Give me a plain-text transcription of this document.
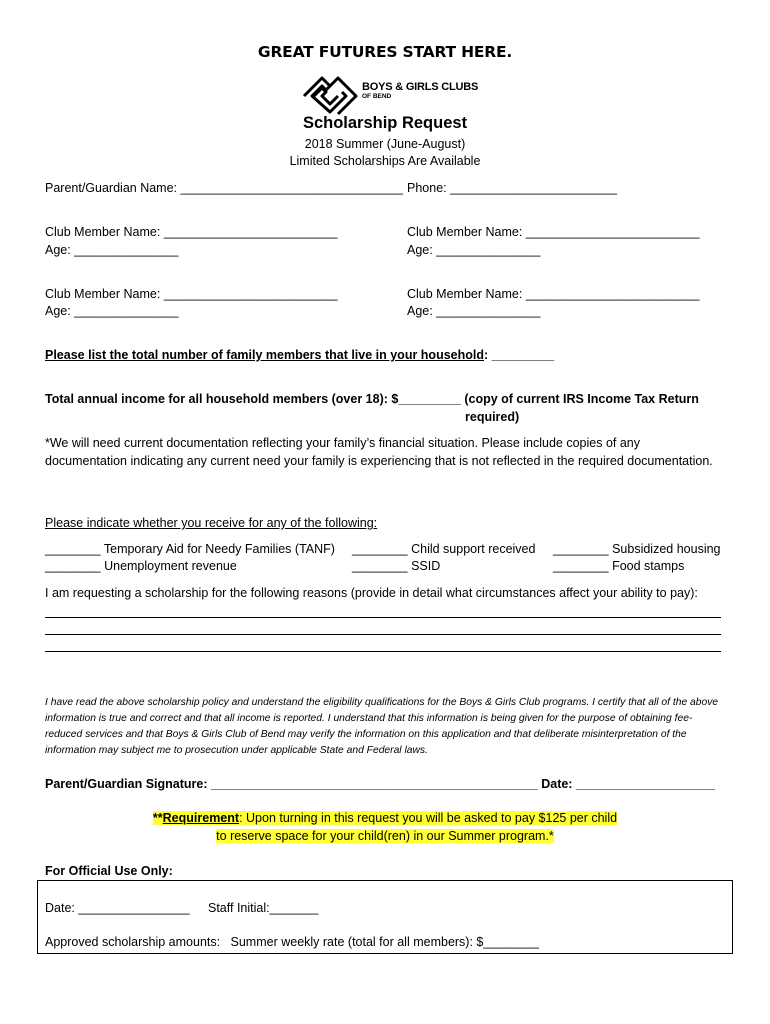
GREAT FUTURES START HERE.
BOYS & GIRLS CLUBS
OF BEND
Scholarship Request
2018 Summer (June-August)
Limited Scholarships Are Available
Parent/Guardian Name: ________________________________ Phone: ________________________
Club Member Name: _________________________
Age: _______________
Club Member Name: _________________________
Age: _______________
Club Member Name: _________________________
Age: _______________
Club Member Name: _________________________
Age: _______________
Please list the total number of family members that live in your household: _________
Total annual income for all household members (over 18): $_________ (copy of current IRS Income Tax Return
required)
*We will need current documentation reflecting your family’s financial situation. Please include copies of any documentation indicating any current need your family is experiencing that is not reflected in the required documentation.
Please indicate whether you receive for any of the following:
________ Temporary Aid for Needy Families (TANF) ________ Child support received ________ Subsidized housing
________ Unemployment revenue	________ SSID	________ Food stamps
I am requesting a scholarship for the following reasons (provide in detail what circumstances affect your ability to pay):
I have read the above scholarship policy and understand the eligibility qualifications for the Boys & Girls Club programs. I certify that all of the above information is true and correct and that all income is reported. I understand that this information is being given for the purpose of obtaining fee-reduced services and that Boys & Girls Club of Bend may verify the information on this application and that deliberate misinterpretation of the information may subject me to prosecution under applicable State and Federal laws.
Parent/Guardian Signature: _______________________________________________ Date: ____________________
**Requirement: Upon turning in this request you will be asked to pay $125 per child
to reserve space for your child(ren) in our Summer program.*
For Official Use Only:
Date: ________________ Staff Initial:_______
Approved scholarship amounts:   Summer weekly rate (total for all members): $________
